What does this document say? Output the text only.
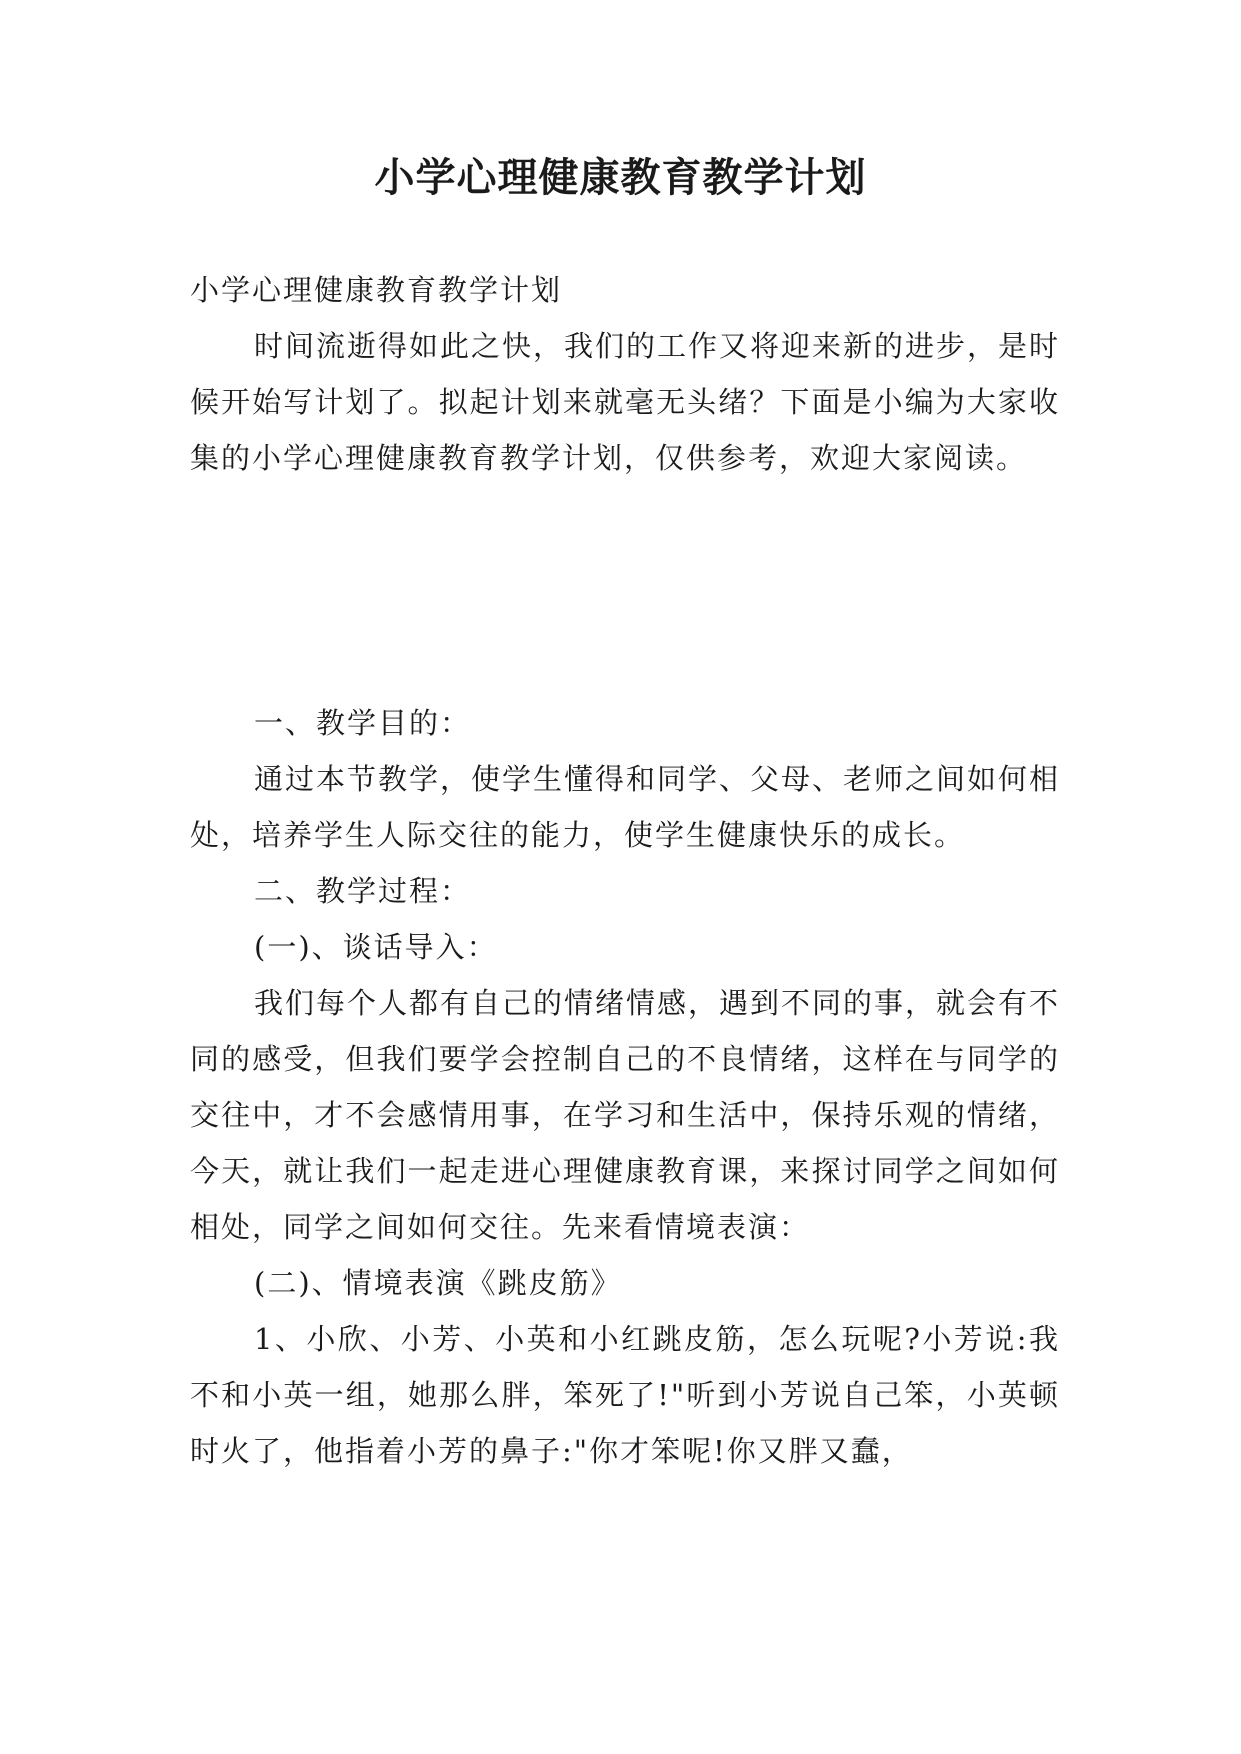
小学心理健康教育教学计划

小学心理健康教育教学计划

时间流逝得如此之快，我们的工作又将迎来新的进步，是时候开始写计划了。拟起计划来就毫无头绪？下面是小编为大家收集的小学心理健康教育教学计划，仅供参考，欢迎大家阅读。

一、教学目的：

通过本节教学，使学生懂得和同学、父母、老师之间如何相处，培养学生人际交往的能力，使学生健康快乐的成长。

二、教学过程：

(一)、谈话导入：

我们每个人都有自己的情绪情感，遇到不同的事，就会有不同的感受，但我们要学会控制自己的不良情绪，这样在与同学的交往中，才不会感情用事，在学习和生活中，保持乐观的情绪，今天，就让我们一起走进心理健康教育课，来探讨同学之间如何相处，同学之间如何交往。先来看情境表演：

(二)、情境表演《跳皮筋》

1、小欣、小芳、小英和小红跳皮筋，怎么玩呢?小芳说:我不和小英一组，她那么胖，笨死了!"听到小芳说自己笨，小英顿时火了，他指着小芳的鼻子:"你才笨呢!你又胖又蠢，
